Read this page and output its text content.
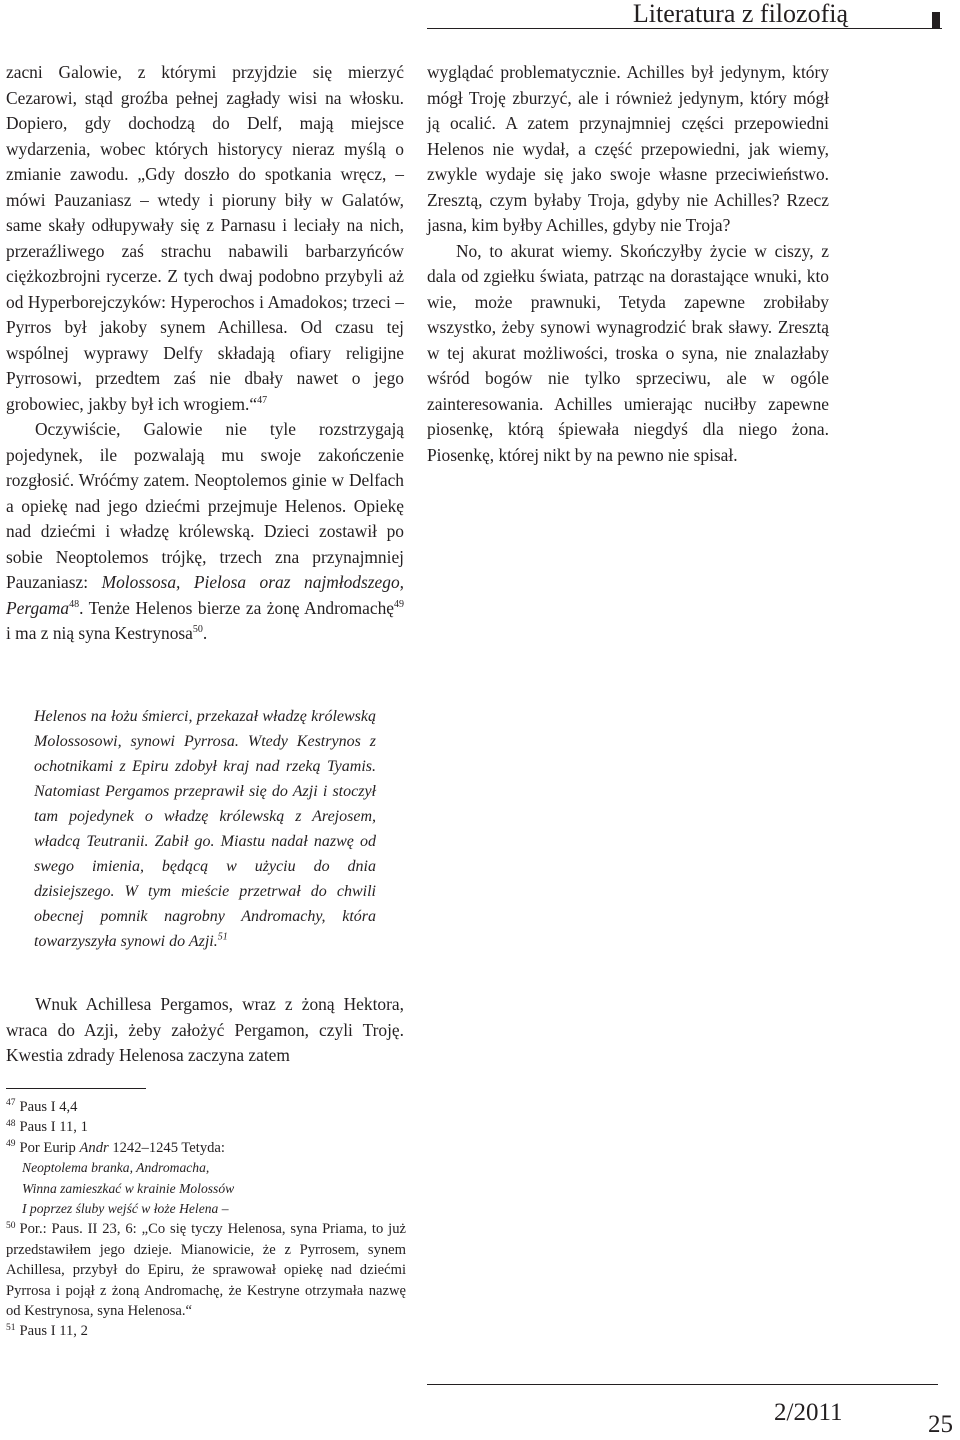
Literatura z filozofią

zacni Galowie, z którymi przyjdzie się mierzyć Cezarowi, stąd groźba pełnej zagłady wisi na włosku. Dopiero, gdy dochodzą do Delf, mają miejsce wydarzenia, wobec których historycy nieraz myślą o zmianie zawodu. „Gdy doszło do spotkania wręcz, – mówi Pauzaniasz – wtedy i pioruny biły w Galatów, same skały odłupywały się z Parnasu i leciały na nich, przeraźliwego zaś strachu nabawili barbarzyńców ciężkozbrojni rycerze. Z tych dwaj podobno przybyli aż od Hyperborejczyków: Hyperochos i Amadokos; trzeci – Pyrros był jakoby synem Achillesa. Od czasu tej wspólnej wyprawy Delfy składają ofiary religijne Pyrrosowi, przedtem zaś nie dbały nawet o jego grobowiec, jakby był ich wrogiem.“$^{47}$

Oczywiście, Galowie nie tyle rozstrzygają pojedynek, ile pozwalają mu swoje zakończenie rozgłosić. Wróćmy zatem. Neoptolemos ginie w Delfach a opiekę nad jego dziećmi przejmuje Helenos. Opiekę nad dziećmi i władzę królewską. Dzieci zostawił po sobie Neoptolemos trójkę, trzech zna przynajmniej Pauzaniasz: Molossosa, Pielosa oraz najmłodszego, Pergama$^{48}$. Tenże Helenos bierze za żonę Andromachę$^{49}$ i ma z nią syna Kestrynosa$^{50}$.

Helenos na łożu śmierci, przekazał władzę królewską Molossosowi, synowi Pyrrosa. Wtedy Kestrynos z ochotnikami z Epiru zdobył kraj nad rzeką Tyamis. Natomiast Pergamos przeprawił się do Azji i stoczył tam pojedynek o władzę królewską z Arejosem, władcą Teutranii. Zabił go. Miastu nadał nazwę od swego imienia, będącą w użyciu do dnia dzisiejszego. W tym mieście przetrwał do chwili obecnej pomnik nagrobny Andromachy, która towarzyszyła synowi do Azji.$^{51}$

Wnuk Achillesa Pergamos, wraz z żoną Hektora, wraca do Azji, żeby założyć Pergamon, czyli Troję. Kwestia zdrady Helenosa zaczyna zatem

$^{47}$ Paus I 4,4

$^{48}$ Paus I 11, 1

$^{49}$ Por Eurip Andr 1242–1245 Tetyda:

Neoptolema branka, Andromacha,

Winna zamieszkać w krainie Molossów

I poprzez śluby wejść w łoże Helena –

$^{50}$ Por.: Paus. II 23, 6: „Co się tyczy Helenosa, syna Priama, to już przedstawiłem jego dzieje. Mianowicie, że z Pyrrosem, synem Achillesa, przybył do Epiru, że sprawował opiekę nad dziećmi Pyrrosa i pojął z żoną Andromachę, że Kestryne otrzymała nazwę od Kestrynosa, syna Helenosa.“

$^{51}$ Paus I 11, 2

wyglądać problematycznie. Achilles był jedynym, który mógł Troję zburzyć, ale i również jedynym, który mógł ją ocalić. A zatem przynajmniej części przepowiedni Helenos nie wydał, a część przepowiedni, jak wiemy, zwykle wydaje się jako swoje własne przeciwieństwo. Zresztą, czym byłaby Troja, gdyby nie Achilles? Rzecz jasna, kim byłby Achilles, gdyby nie Troja?

No, to akurat wiemy. Skończyłby życie w ciszy, z dala od zgiełku świata, patrząc na dorastające wnuki, kto wie, może prawnuki, Tetyda zapewne zrobiłaby wszystko, żeby synowi wynagrodzić brak sławy. Zresztą w tej akurat możliwości, troska o syna, nie znalazłaby wśród bogów nie tylko sprzeciwu, ale w ogóle zainteresowania. Achilles umierając nuciłby zapewne piosenkę, którą śpiewała niegdyś dla niego żona. Piosenkę, której nikt by na pewno nie spisał.

2/2011	25
